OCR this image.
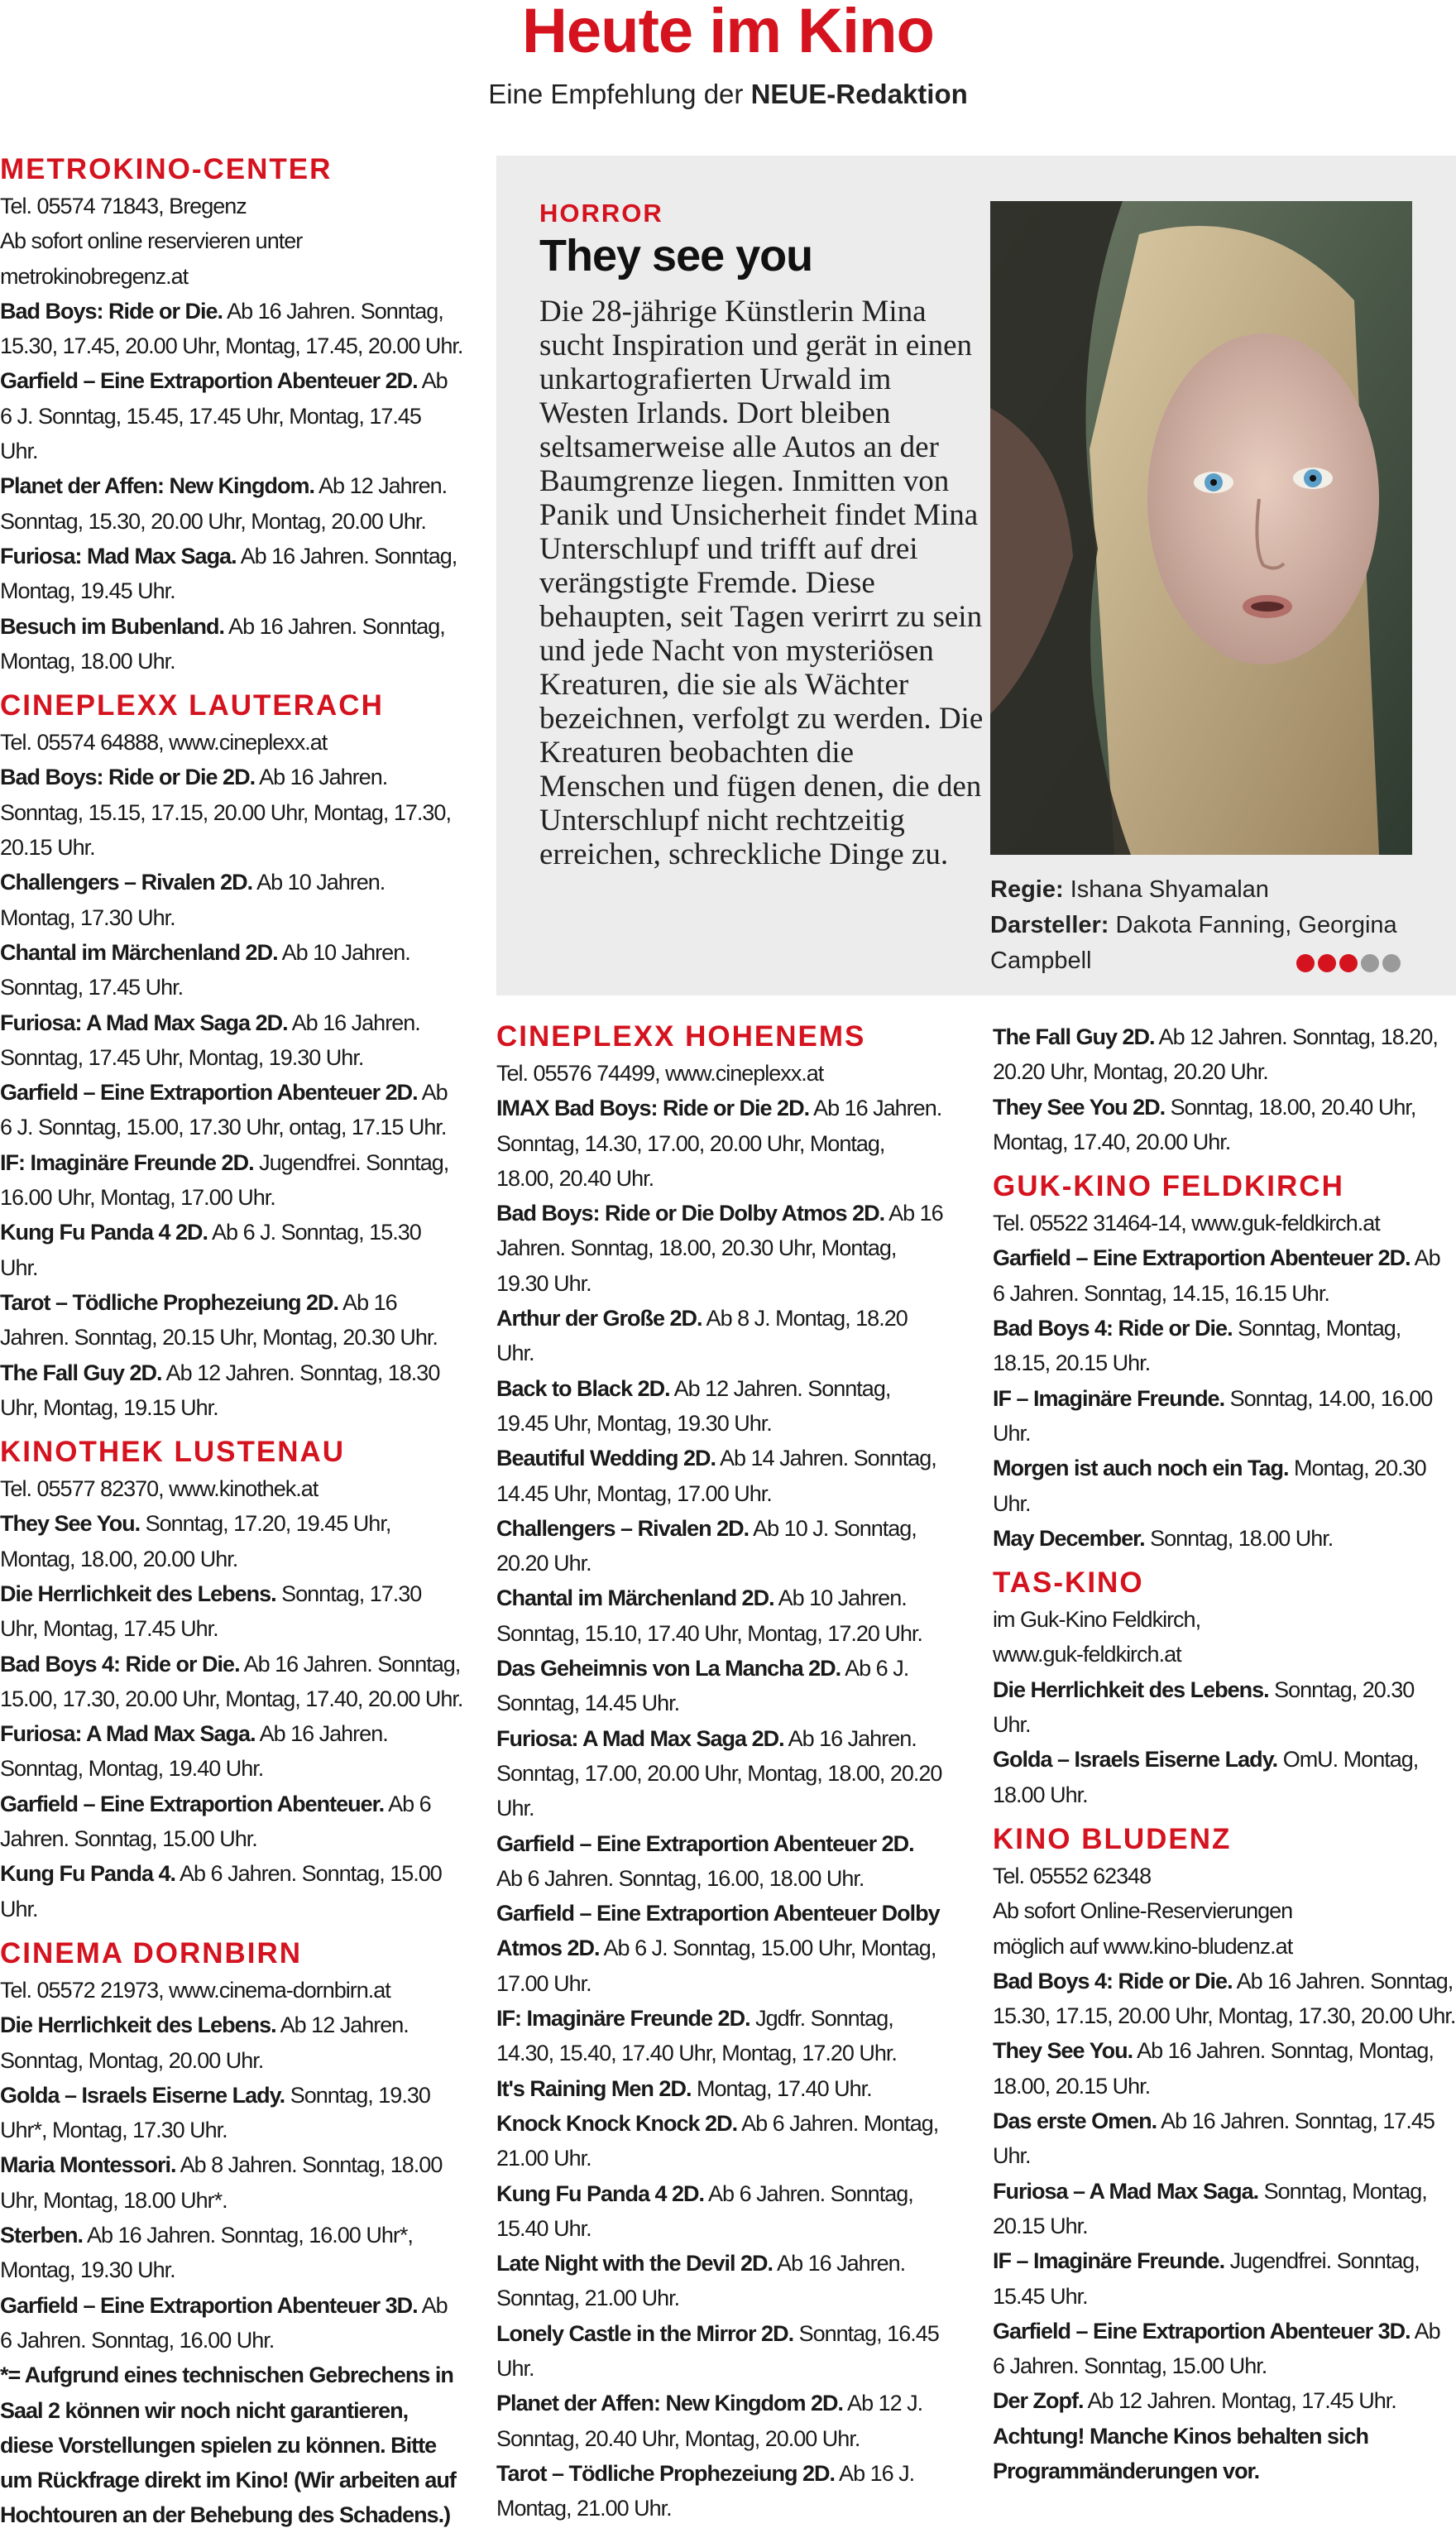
Heute im Kino
Eine Empfehlung der NEUE-Redaktion
METROKINO-CENTER

Tel. 05574 71843, Bregenz

Ab sofort online reservieren unter

metrokinobregenz.at

Bad Boys: Ride or Die. Ab 16 Jahren. Sonntag, 15.30, 17.45, 20.00 Uhr, Montag, 17.45, 20.00 Uhr.
Garfield – Eine Extraportion Abenteuer 2D. Ab 6 J. Sonntag, 15.45, 17.45 Uhr, Montag, 17.45 Uhr.
Planet der Affen: New Kingdom. Ab 12 Jahren. Sonntag, 15.30, 20.00 Uhr, Montag, 20.00 Uhr.
Furiosa: Mad Max Saga. Ab 16 Jahren. Sonntag, Montag, 19.45 Uhr.
Besuch im Bubenland. Ab 16 Jahren. Sonntag, Montag, 18.00 Uhr.
CINEPLEXX LAUTERACH

Tel. 05574 64888, www.cineplexx.at

Bad Boys: Ride or Die 2D. Ab 16 Jahren. Sonntag, 15.15, 17.15, 20.00 Uhr, Montag, 17.30, 20.15 Uhr.
Challengers – Rivalen 2D. Ab 10 Jahren. Montag, 17.30 Uhr.
Chantal im Märchenland 2D. Ab 10 Jahren. Sonntag, 17.45 Uhr.
Furiosa: A Mad Max Saga 2D. Ab 16 Jahren. Sonntag, 17.45 Uhr, Montag, 19.30 Uhr.
Garfield – Eine Extraportion Abenteuer 2D. Ab 6 J. Sonntag, 15.00, 17.30 Uhr, ontag, 17.15 Uhr.
IF: Imaginäre Freunde 2D. Jugendfrei. Sonntag, 16.00 Uhr, Montag, 17.00 Uhr.
Kung Fu Panda 4 2D. Ab 6 J. Sonntag, 15.30 Uhr.
Tarot – Tödliche Prophezeiung 2D. Ab 16 Jahren. Sonntag, 20.15 Uhr, Montag, 20.30 Uhr.
The Fall Guy 2D. Ab 12 Jahren. Sonntag, 18.30 Uhr, Montag, 19.15 Uhr.
KINOTHEK LUSTENAU

Tel. 05577 82370, www.kinothek.at

They See You. Sonntag, 17.20, 19.45 Uhr, Montag, 18.00, 20.00 Uhr.
Die Herrlichkeit des Lebens. Sonntag, 17.30 Uhr, Montag, 17.45 Uhr.
Bad Boys 4: Ride or Die. Ab 16 Jahren. Sonntag, 15.00, 17.30, 20.00 Uhr, Montag, 17.40, 20.00 Uhr.
Furiosa: A Mad Max Saga. Ab 16 Jahren. Sonntag, Montag, 19.40 Uhr.
Garfield – Eine Extraportion Abenteuer. Ab 6 Jahren. Sonntag, 15.00 Uhr.
Kung Fu Panda 4. Ab 6 Jahren. Sonntag, 15.00 Uhr.
CINEMA DORNBIRN

Tel. 05572 21973, www.cinema-dornbirn.at

Die Herrlichkeit des Lebens. Ab 12 Jahren. Sonntag, Montag, 20.00 Uhr.
Golda – Israels Eiserne Lady. Sonntag, 19.30 Uhr*, Montag, 17.30 Uhr.
Maria Montessori. Ab 8 Jahren. Sonntag, 18.00 Uhr, Montag, 18.00 Uhr*.
Sterben. Ab 16 Jahren. Sonntag, 16.00 Uhr*, Montag, 19.30 Uhr.
Garfield – Eine Extraportion Abenteuer 3D. Ab 6 Jahren. Sonntag, 16.00 Uhr.
*= Aufgrund eines technischen Gebrechens in Saal 2 können wir noch nicht garantieren, diese Vorstellungen spielen zu können. Bitte um Rückfrage direkt im Kino! (Wir arbeiten auf Hochtouren an der Behebung des Schadens.)
CINEPLEXX HOHENEMS

Tel. 05576 74499, www.cineplexx.at

IMAX Bad Boys: Ride or Die 2D. Ab 16 Jahren. Sonntag, 14.30, 17.00, 20.00 Uhr, Montag, 18.00, 20.40 Uhr.
Bad Boys: Ride or Die Dolby Atmos 2D. Ab 16 Jahren. Sonntag, 18.00, 20.30 Uhr, Montag, 19.30 Uhr.
Arthur der Große 2D. Ab 8 J. Montag, 18.20 Uhr.
Back to Black 2D. Ab 12 Jahren. Sonntag, 19.45 Uhr, Montag, 19.30 Uhr.
Beautiful Wedding 2D. Ab 14 Jahren. Sonntag, 14.45 Uhr, Montag, 17.00 Uhr.
Challengers – Rivalen 2D. Ab 10 J. Sonntag, 20.20 Uhr.
Chantal im Märchenland 2D. Ab 10 Jahren. Sonntag, 15.10, 17.40 Uhr, Montag, 17.20 Uhr.
Das Geheimnis von La Mancha 2D. Ab 6 J. Sonntag, 14.45 Uhr.
Furiosa: A Mad Max Saga 2D. Ab 16 Jahren. Sonntag, 17.00, 20.00 Uhr, Montag, 18.00, 20.20 Uhr.
Garfield – Eine Extraportion Abenteuer 2D. Ab 6 Jahren. Sonntag, 16.00, 18.00 Uhr.
Garfield – Eine Extraportion Abenteuer Dolby Atmos 2D. Ab 6 J. Sonntag, 15.00 Uhr, Montag, 17.00 Uhr.
IF: Imaginäre Freunde 2D. Jgdfr. Sonntag, 14.30, 15.40, 17.40 Uhr, Montag, 17.20 Uhr.
It's Raining Men 2D. Montag, 17.40 Uhr.
Knock Knock Knock 2D. Ab 6 Jahren. Montag, 21.00 Uhr.
Kung Fu Panda 4 2D. Ab 6 Jahren. Sonntag, 15.40 Uhr.
Late Night with the Devil 2D. Ab 16 Jahren. Sonntag, 21.00 Uhr.
Lonely Castle in the Mirror 2D. Sonntag, 16.45 Uhr.
Planet der Affen: New Kingdom 2D. Ab 12 J. Sonntag, 20.40 Uhr, Montag, 20.00 Uhr.
Tarot – Tödliche Prophezeiung 2D. Ab 16 J. Montag, 21.00 Uhr.
The Fall Guy 2D. Ab 12 Jahren. Sonntag, 18.20, 20.20 Uhr, Montag, 20.20 Uhr.
They See You 2D. Sonntag, 18.00, 20.40 Uhr, Montag, 17.40, 20.00 Uhr.
GUK-KINO FELDKIRCH

Tel. 05522 31464-14, www.guk-feldkirch.at

Garfield – Eine Extraportion Abenteuer 2D. Ab 6 Jahren. Sonntag, 14.15, 16.15 Uhr.
Bad Boys 4: Ride or Die. Sonntag, Montag, 18.15, 20.15 Uhr.
IF – Imaginäre Freunde. Sonntag, 14.00, 16.00 Uhr.
Morgen ist auch noch ein Tag. Montag, 20.30 Uhr.
May December. Sonntag, 18.00 Uhr.
TAS-KINO

im Guk-Kino Feldkirch,

www.guk-feldkirch.at

Die Herrlichkeit des Lebens. Sonntag, 20.30 Uhr.
Golda – Israels Eiserne Lady. OmU. Montag, 18.00 Uhr.
KINO BLUDENZ

Tel. 05552 62348

Ab sofort Online-Reservierungen

möglich auf www.kino-bludenz.at

Bad Boys 4: Ride or Die. Ab 16 Jahren. Sonntag, 15.30, 17.15, 20.00 Uhr, Montag, 17.30, 20.00 Uhr.
They See You. Ab 16 Jahren. Sonntag, Montag, 18.00, 20.15 Uhr.
Das erste Omen. Ab 16 Jahren. Sonntag, 17.45 Uhr.
Furiosa – A Mad Max Saga. Sonntag, Montag, 20.15 Uhr.
IF – Imaginäre Freunde. Jugendfrei. Sonntag, 15.45 Uhr.
Garfield – Eine Extraportion Abenteuer 3D. Ab 6 Jahren. Sonntag, 15.00 Uhr.
Der Zopf. Ab 12 Jahren. Montag, 17.45 Uhr.
Achtung! Manche Kinos behalten sich Programmänderungen vor.
HORROR
They see you
Die 28-jährige Künstlerin Mina sucht Inspiration und gerät in einen unkartografierten Urwald im Westen Irlands. Dort bleiben seltsamerweise alle Autos an der Baumgrenze liegen. Inmitten von Panik und Unsicherheit findet Mina Unterschlupf und trifft auf drei verängstigte Fremde. Diese behaupten, seit Tagen verirrt zu sein und jede Nacht von mysteriösen Kreaturen, die sie als Wächter bezeichnen, verfolgt zu werden. Die Kreaturen beobachten die Menschen und fügen denen, die den Unterschlupf nicht rechtzeitig erreichen, schreckliche Dinge zu.
Regie: Ishana Shyamalan
Darsteller: Dakota Fanning, Georgina Campbell
